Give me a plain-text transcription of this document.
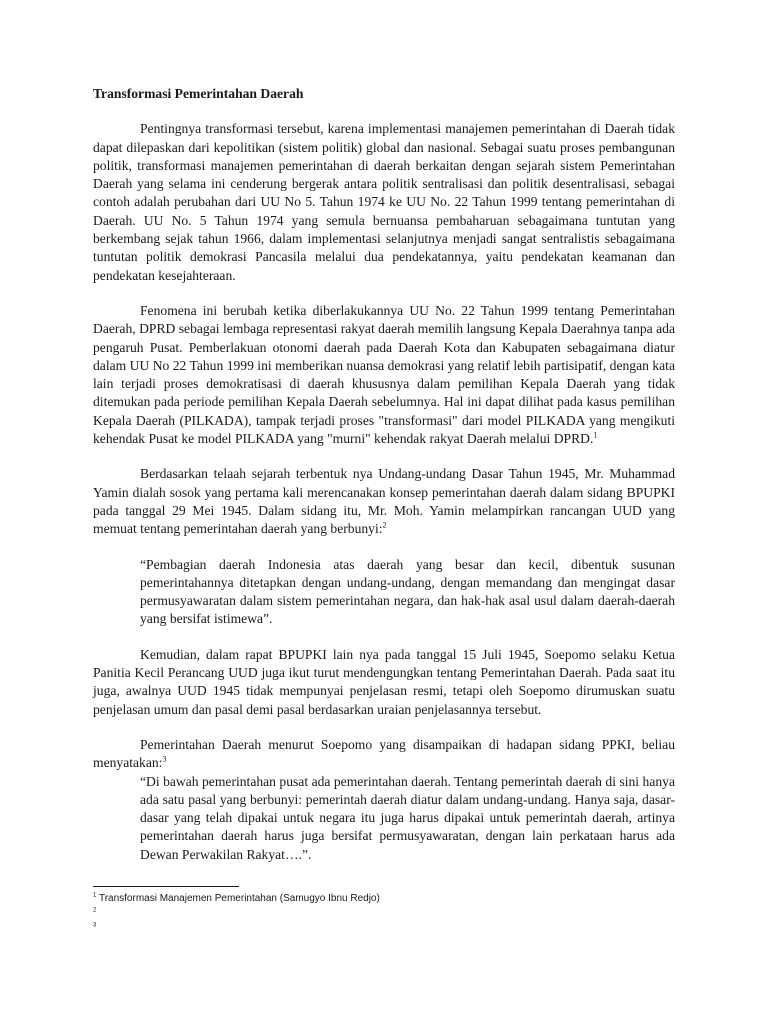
Transformasi Pemerintahan Daerah

Pentingnya transformasi tersebut, karena implementasi manajemen pemerintahan di Daerah tidak dapat dilepaskan dari kepolitikan (sistem politik) global dan nasional. Sebagai suatu proses pembangunan politik, transformasi manajemen pemerintahan di daerah berkaitan dengan sejarah sistem Pemerintahan Daerah yang selama ini cenderung bergerak antara politik sentralisasi dan politik desentralisasi, sebagai contoh adalah perubahan dari UU No 5. Tahun 1974 ke UU No. 22 Tahun 1999 tentang pemerintahan di Daerah. UU No. 5 Tahun 1974 yang semula bernuansa pembaharuan sebagaimana tuntutan yang berkembang sejak tahun 1966, dalam implementasi selanjutnya menjadi sangat sentralistis sebagaimana tuntutan politik demokrasi Pancasila melalui dua pendekatannya, yaitu pendekatan keamanan dan pendekatan kesejahteraan.

Fenomena ini berubah ketika diberlakukannya UU No. 22 Tahun 1999 tentang Pemerintahan Daerah, DPRD sebagai lembaga representasi rakyat daerah memilih langsung Kepala Daerahnya tanpa ada pengaruh Pusat. Pemberlakuan otonomi daerah pada Daerah Kota dan Kabupaten sebagaimana diatur dalam UU No 22 Tahun 1999 ini memberikan nuansa demokrasi yang relatif lebih partisipatif, dengan kata lain terjadi proses demokratisasi di daerah khususnya dalam pemilihan Kepala Daerah yang tidak ditemukan pada periode pemilihan Kepala Daerah sebelumnya. Hal ini dapat dilihat pada kasus pemilihan Kepala Daerah (PILKADA), tampak terjadi proses "transformasi" dari model PILKADA yang mengikuti kehendak Pusat ke model PILKADA yang "murni" kehendak rakyat Daerah melalui DPRD.$^1$

Berdasarkan telaah sejarah terbentuk nya Undang-undang Dasar Tahun 1945, Mr. Muhammad Yamin dialah sosok yang pertama kali merencanakan konsep pemerintahan daerah dalam sidang BPUPKI pada tanggal 29 Mei 1945. Dalam sidang itu, Mr. Moh. Yamin melampirkan rancangan UUD yang memuat tentang pemerintahan daerah yang berbunyi:$^2$

“Pembagian daerah Indonesia atas daerah yang besar dan kecil, dibentuk susunan pemerintahannya ditetapkan dengan undang-undang, dengan memandang dan mengingat dasar permusyawaratan dalam sistem pemerintahan negara, dan hak-hak asal usul dalam daerah-daerah yang bersifat istimewa”.

Kemudian, dalam rapat BPUPKI lain nya pada tanggal 15 Juli 1945, Soepomo selaku Ketua Panitia Kecil Perancang UUD juga ikut turut mendengungkan tentang Pemerintahan Daerah. Pada saat itu juga, awalnya UUD 1945 tidak mempunyai penjelasan resmi, tetapi oleh Soepomo dirumuskan suatu penjelasan umum dan pasal demi pasal berdasarkan uraian penjelasannya tersebut.

Pemerintahan Daerah menurut Soepomo yang disampaikan di hadapan sidang PPKI, beliau menyatakan:$^3$

“Di bawah pemerintahan pusat ada pemerintahan daerah. Tentang pemerintah daerah di sini hanya ada satu pasal yang berbunyi: pemerintah daerah diatur dalam undang-undang. Hanya saja, dasar-dasar yang telah dipakai untuk negara itu juga harus dipakai untuk pemerintah daerah, artinya pemerintahan daerah harus juga bersifat permusyawaratan, dengan lain perkataan harus ada Dewan Perwakilan Rakyat….”.

$^1$ Transformasi Manajemen Pemerintahan (Samugyo Ibnu Redjo)
$^2$
$^3$
